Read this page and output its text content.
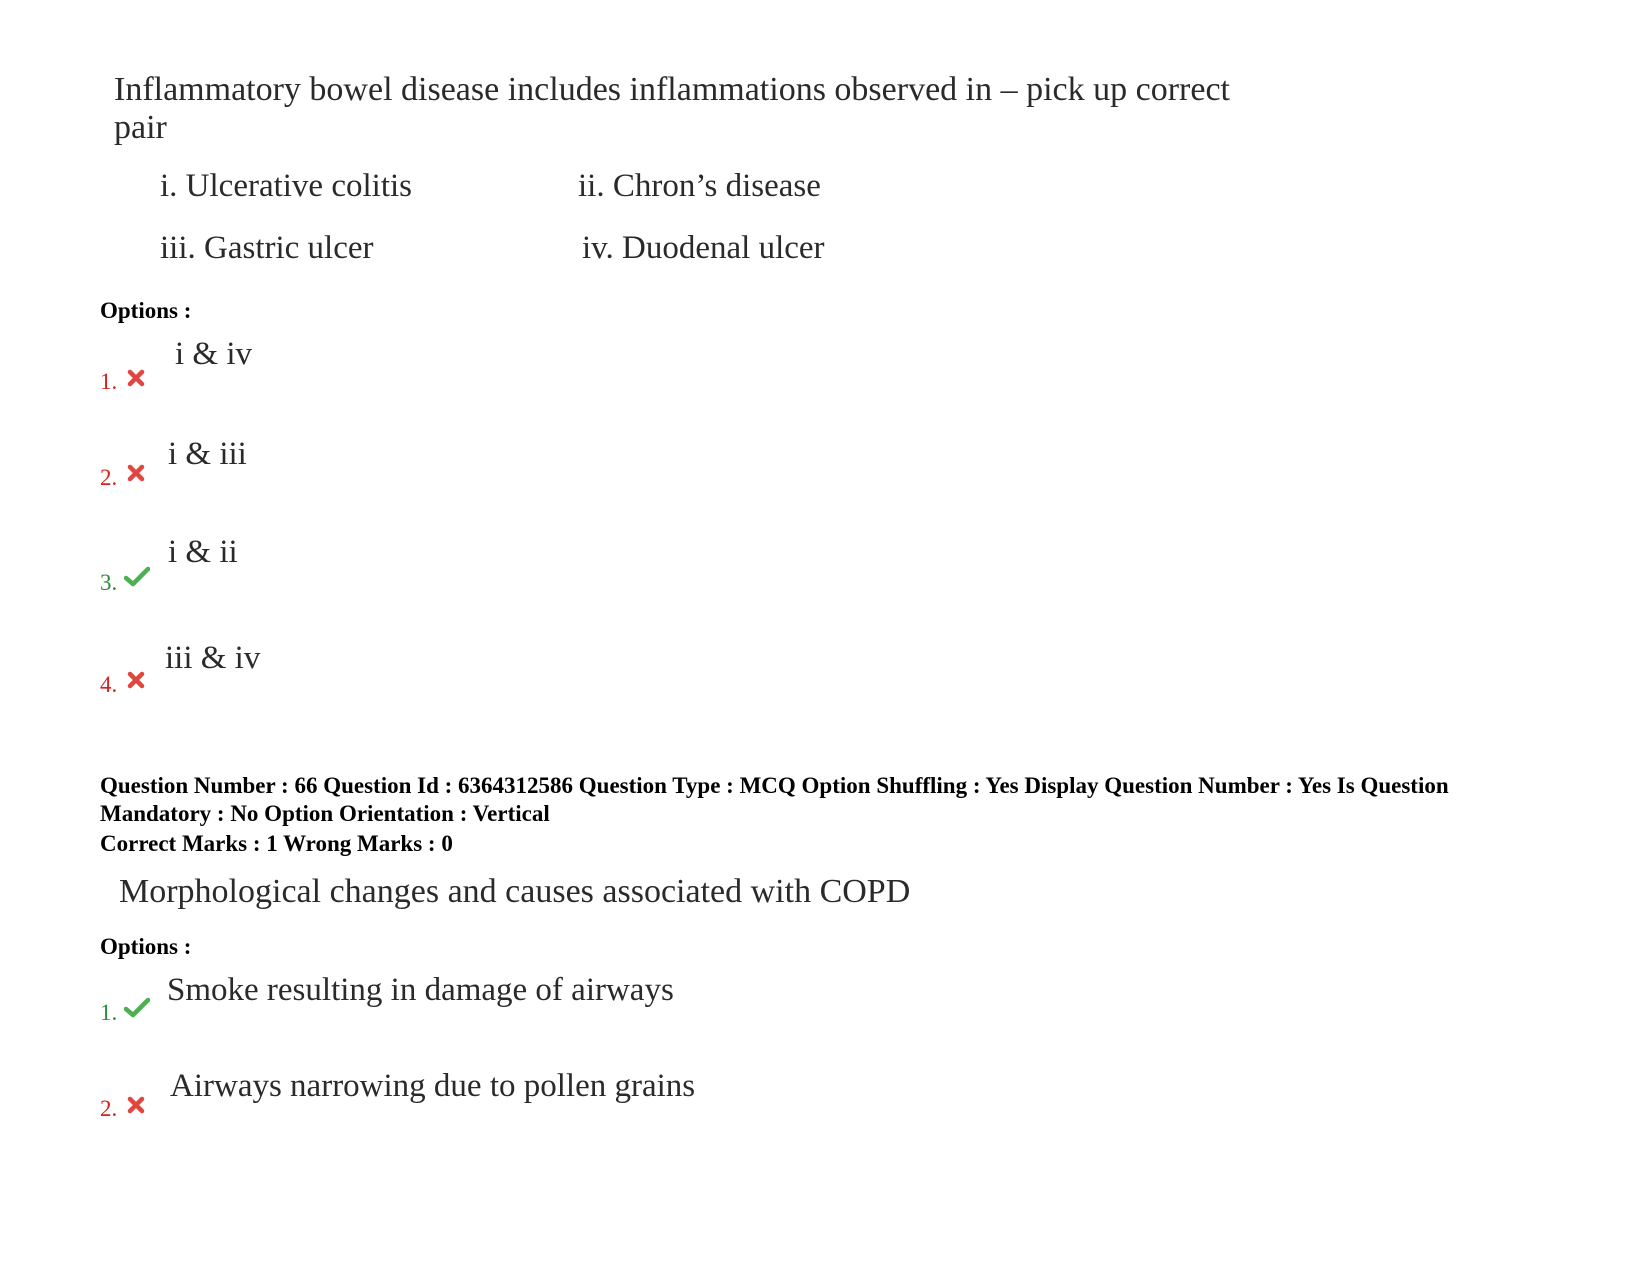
Inflammatory bowel disease includes inflammations observed in – pick up correct
pair
i. Ulcerative colitis	ii. Chron’s disease
iii. Gastric ulcer	iv. Duodenal ulcer
Options :
1.
i & iv
2.
i & iii
3.
i & ii
4.
iii & iv
Question Number : 66 Question Id : 6364312586 Question Type : MCQ Option Shuffling : Yes Display Question Number : Yes Is Question Mandatory : No Option Orientation : Vertical
Correct Marks : 1 Wrong Marks : 0
Morphological changes and causes associated with COPD
Options :
1.
Smoke resulting in damage of airways
2.
Airways narrowing due to pollen grains
